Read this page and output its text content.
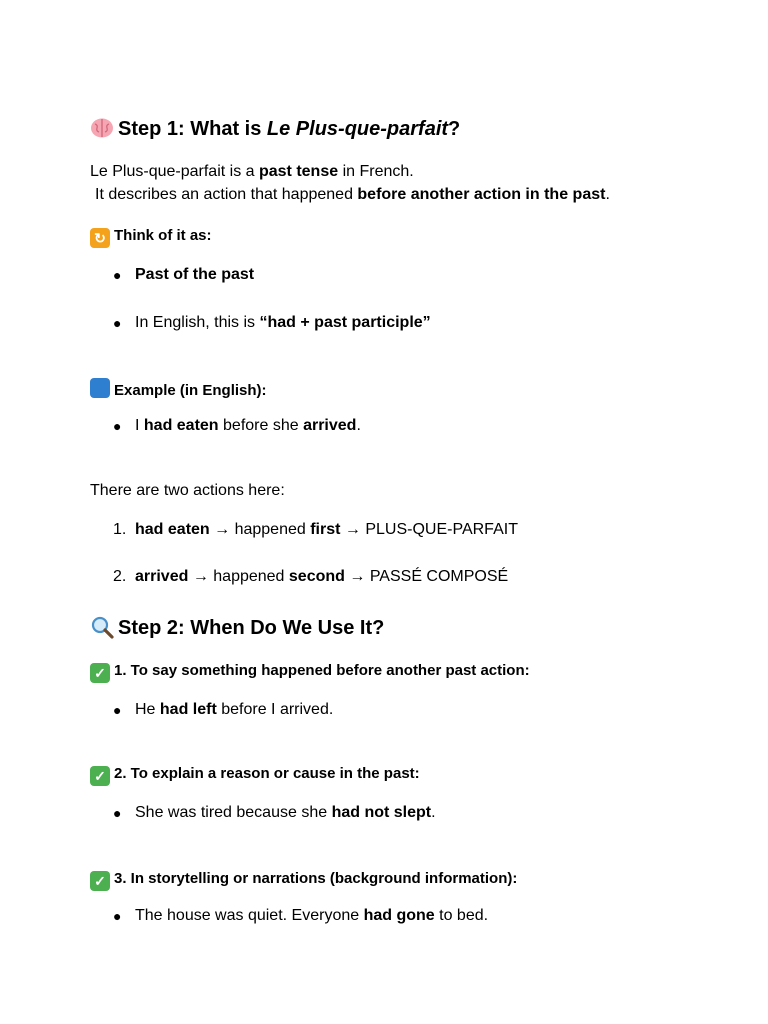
Step 1: What is Le Plus-que-parfait?
Le Plus-que-parfait is a past tense in French.
It describes an action that happened before another action in the past.
↻ Think of it as:
● Past of the past
● In English, this is “had + past participle”
Example (in English):
● I had eaten before she arrived.
There are two actions here:
1. had eaten → happened first → PLUS-QUE-PARFAIT
2. arrived → happened second → PASSÉ COMPOSÉ
Step 2: When Do We Use It?
✓ 1. To say something happened before another past action:
● He had left before I arrived.
✓ 2. To explain a reason or cause in the past:
● She was tired because she had not slept.
✓ 3. In storytelling or narrations (background information):
● The house was quiet. Everyone had gone to bed.
